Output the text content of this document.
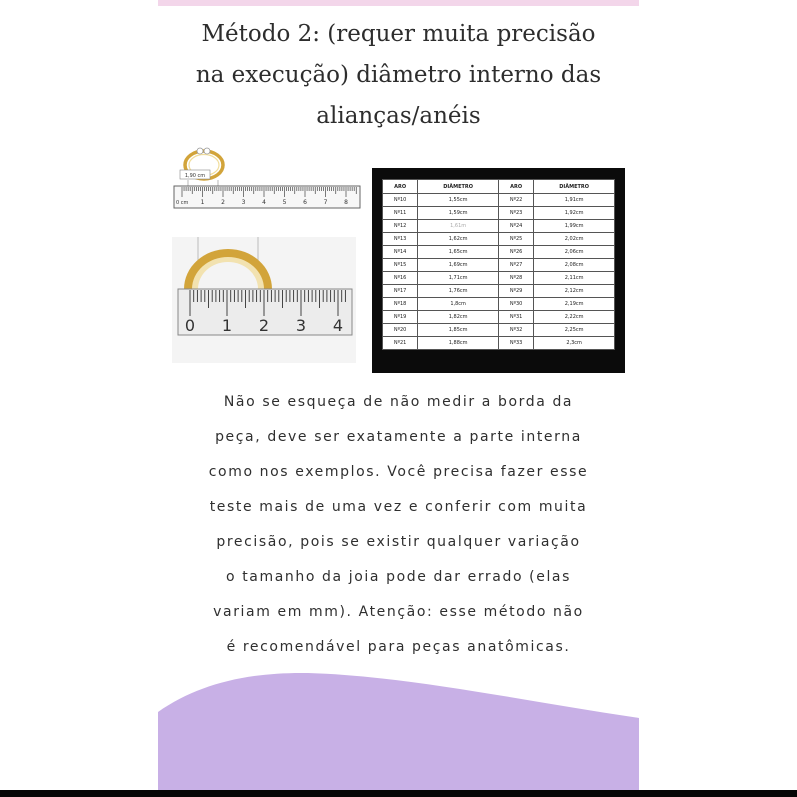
Método 2: (requer muita precisão
na execução) diâmetro interno das
alianças/anéis
1,90 cm
0 cm 1	2	3	4	5	6	7	8
0 1 2 3 4
ARO	DIÂMETRO	ARO	DIÂMETRO
Nº10	1,55cm	Nº22	1,91cm
Nº11	1,59cm	Nº23	1,92cm
Nº12	1,61m	Nº24	1,99cm
Nº13	1,62cm	Nº25	2,02cm
Nº14	1,65cm	Nº26	2,06cm
Nº15	1,69cm	Nº27	2,08cm
Nº16	1,71cm	Nº28	2,11cm
Nº17	1,76cm	Nº29	2,12cm
Nº18	1,8cm	Nº30	2,19cm
Nº19	1,82cm	Nº31	2,22cm
Nº20	1,85cm	Nº32	2,25cm
Nº21	1,88cm	Nº33	2,3cm

Não se esqueça de não medir a borda da
peça, deve ser exatamente a parte interna
como nos exemplos. Você precisa fazer esse
teste mais de uma vez e conferir com muita
precisão, pois se existir qualquer variação
o tamanho da joia pode dar errado (elas
variam em mm). Atenção: esse método não
é recomendável para peças anatômicas.
